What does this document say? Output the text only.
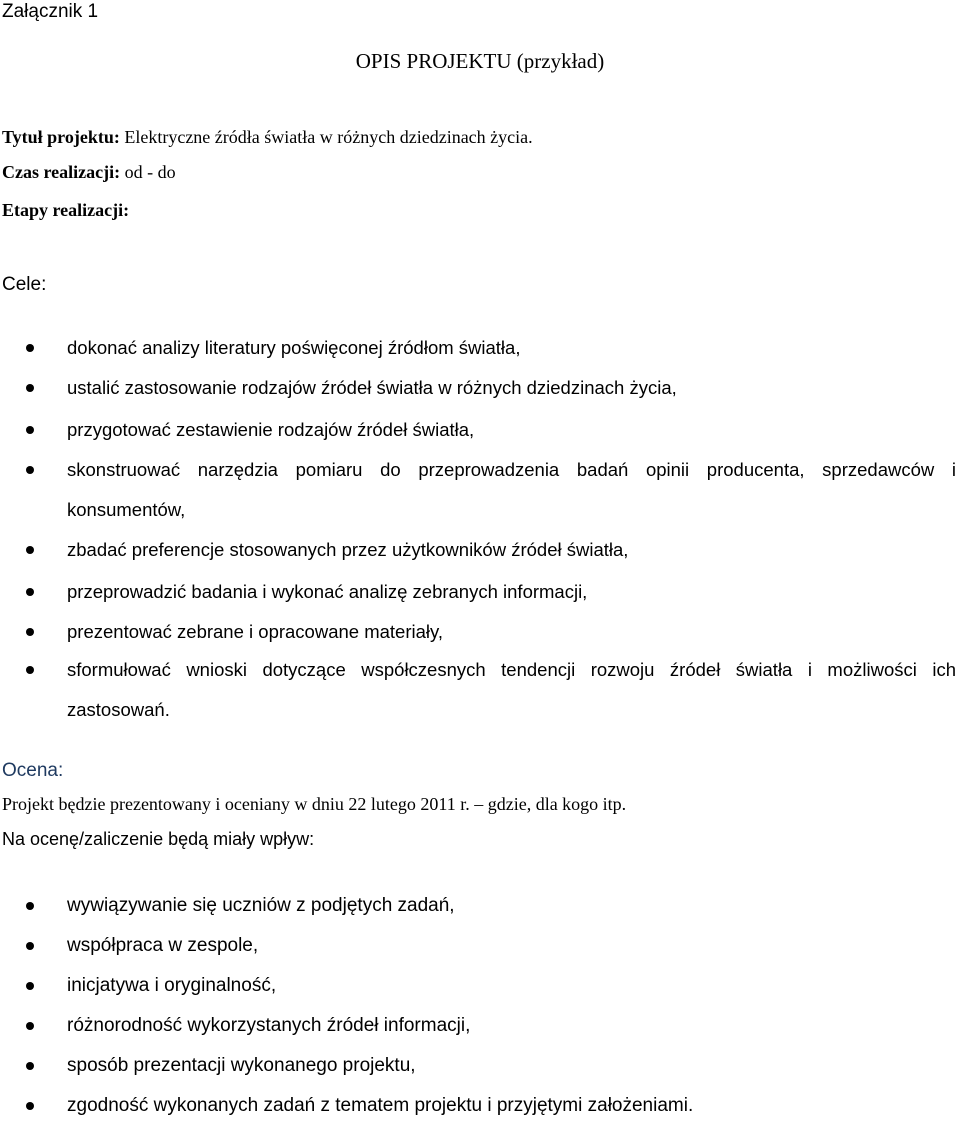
Załącznik 1
OPIS PROJEKTU (przykład)
Tytuł projektu: Elektryczne źródła światła w różnych dziedzinach życia.
Czas realizacji: od - do
Etapy realizacji:
Cele:
dokonać analizy literatury poświęconej źródłom światła,
ustalić zastosowanie rodzajów źródeł światła w różnych dziedzinach życia,
przygotować zestawienie rodzajów źródeł światła,
skonstruować narzędzia pomiaru do przeprowadzenia badań opinii producenta, sprzedawców i konsumentów,
zbadać preferencje stosowanych przez użytkowników źródeł światła,
przeprowadzić badania i wykonać analizę zebranych informacji,
prezentować zebrane i opracowane materiały,
sformułować wnioski dotyczące współczesnych tendencji rozwoju źródeł światła i możliwości ich zastosowań.
Ocena:
Projekt będzie prezentowany i oceniany w dniu 22 lutego 2011 r. – gdzie, dla kogo itp.
Na ocenę/zaliczenie będą miały wpływ:
wywiązywanie się uczniów z podjętych zadań,
współpraca w zespole,
inicjatywa i oryginalność,
różnorodność wykorzystanych źródeł informacji,
sposób prezentacji wykonanego projektu,
zgodność wykonanych zadań z tematem projektu i przyjętymi założeniami.
